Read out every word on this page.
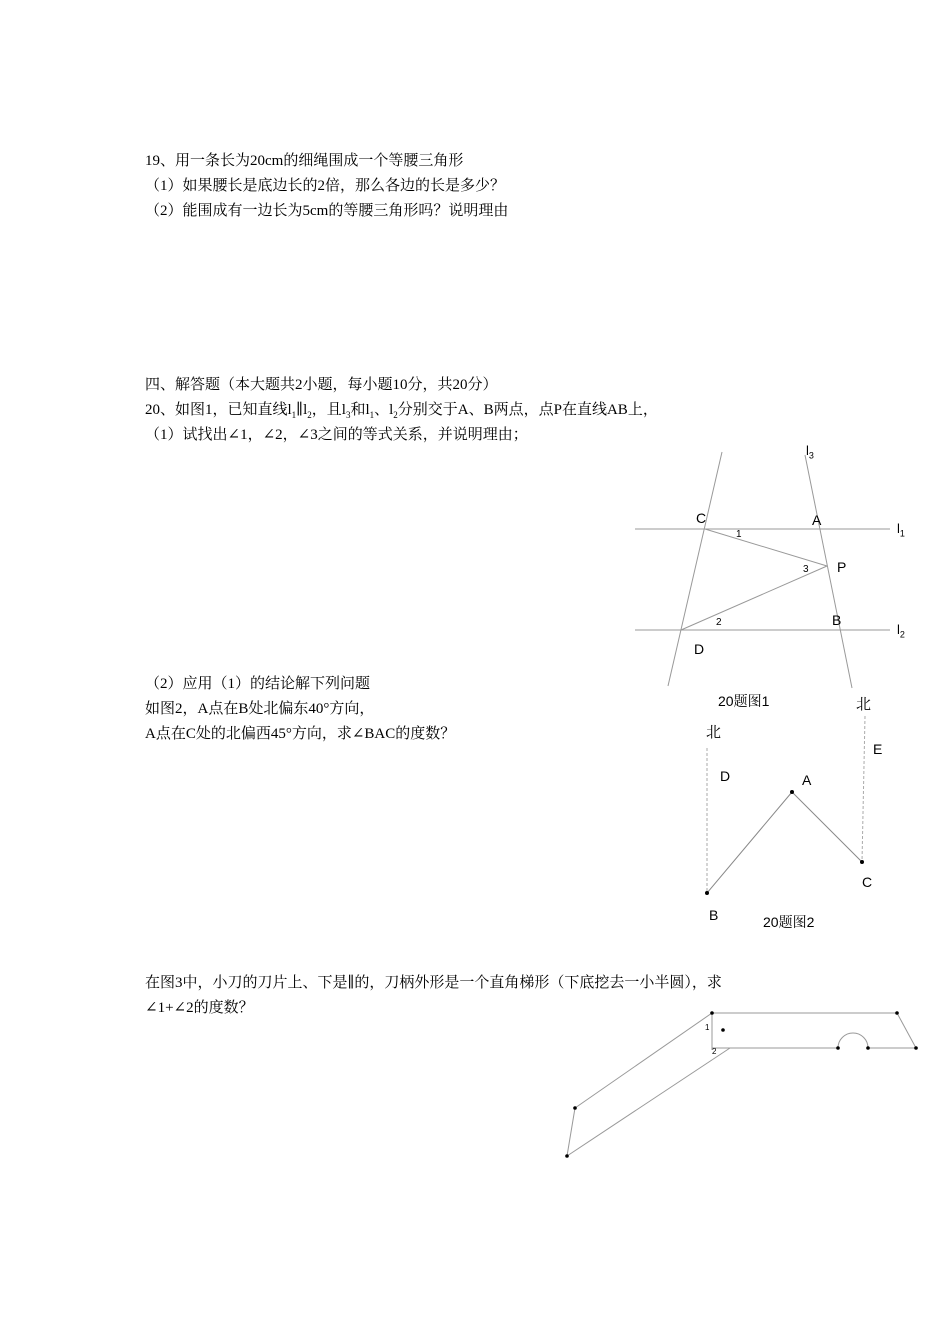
19、用一条长为20cm的细绳围成一个等腰三角形
（1）如果腰长是底边长的2倍，那么各边的长是多少？
（2）能围成有一边长为5cm的等腰三角形吗？说明理由
四、解答题（本大题共2小题，每小题10分，共20分）
20、如图1，已知直线$l_1\parallel l_2$，且$l_3$和$l_1$、$l_2$分别交于A、B两点，点P在直线AB上，
（1）试找出∠1，∠2，∠3之间的等式关系，并说明理由；
（2）应用（1）的结论解下列问题
如图2，A点在B处北偏东40°方向，
A点在C处的北偏西45°方向，求∠BAC的度数？
在图3中，小刀的刀片上、下是∥的，刀柄外形是一个直角梯形（下底挖去一小半圆），求
∠1+∠2的度数？
$l_3$
$l_1$
$l_2$
C	A
P
B
D
1
2
3
20题图1	北
北
E
D	A
C
B	20题图2
1
2
